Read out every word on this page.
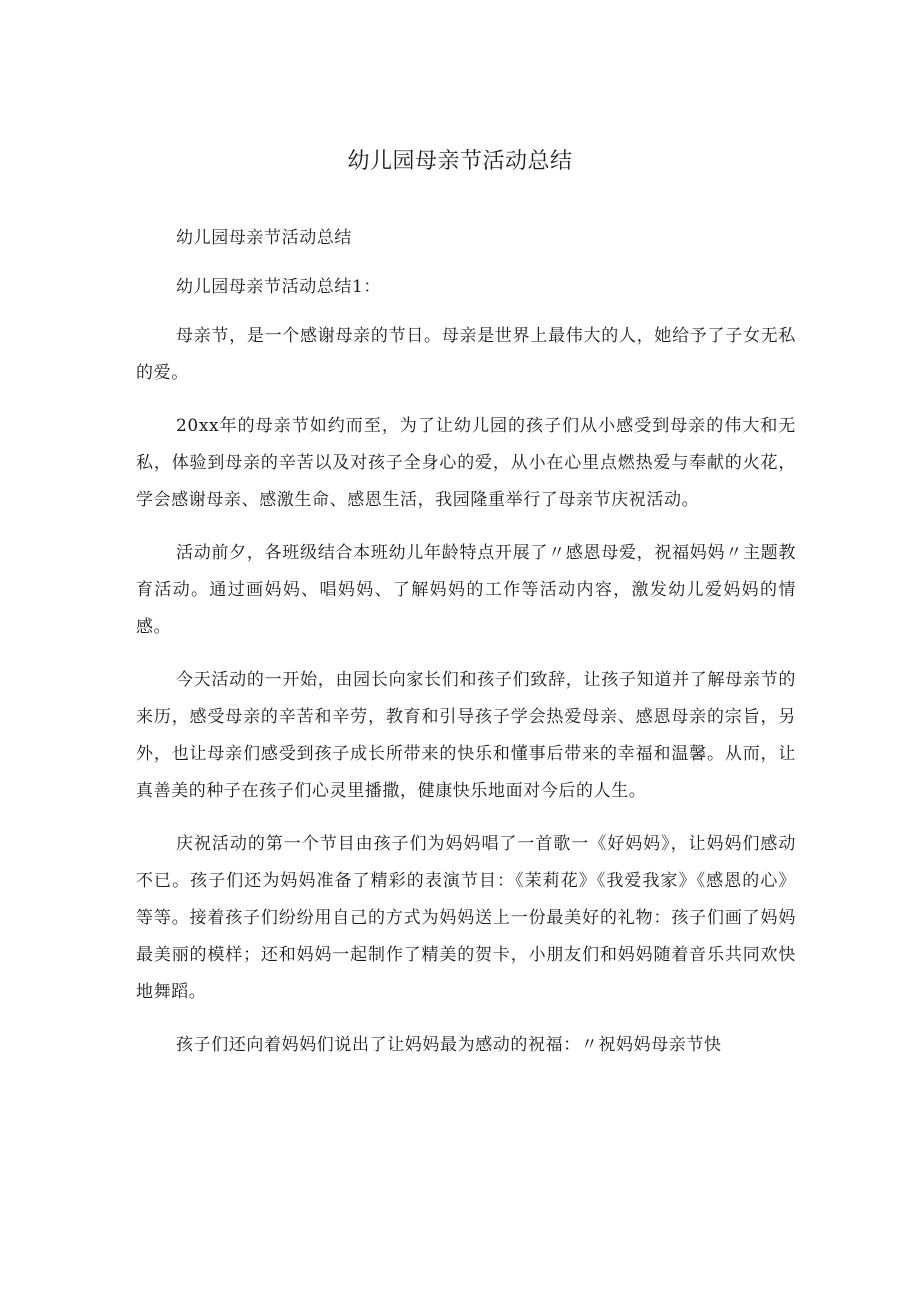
幼儿园母亲节活动总结

幼儿园母亲节活动总结

幼儿园母亲节活动总结1：

母亲节，是一个感谢母亲的节日。母亲是世界上最伟大的人，她给予了子女无私的爱。

20xx年的母亲节如约而至，为了让幼儿园的孩子们从小感受到母亲的伟大和无私，体验到母亲的辛苦以及对孩子全身心的爱，从小在心里点燃热爱与奉献的火花，学会感谢母亲、感激生命、感恩生活，我园隆重举行了母亲节庆祝活动。

活动前夕，各班级结合本班幼儿年龄特点开展了〃感恩母爱，祝福妈妈〃主题教育活动。通过画妈妈、唱妈妈、了解妈妈的工作等活动内容，激发幼儿爱妈妈的情感。

今天活动的一开始，由园长向家长们和孩子们致辞，让孩子知道并了解母亲节的来历，感受母亲的辛苦和辛劳，教育和引导孩子学会热爱母亲、感恩母亲的宗旨，另外，也让母亲们感受到孩子成长所带来的快乐和懂事后带来的幸福和温馨。从而，让真善美的种子在孩子们心灵里播撒，健康快乐地面对今后的人生。

庆祝活动的第一个节目由孩子们为妈妈唱了一首歌一《好妈妈》，让妈妈们感动不已。孩子们还为妈妈准备了精彩的表演节目：《茉莉花》《我爱我家》《感恩的心》等等。接着孩子们纷纷用自己的方式为妈妈送上一份最美好的礼物：孩子们画了妈妈最美丽的模样；还和妈妈一起制作了精美的贺卡，小朋友们和妈妈随着音乐共同欢快地舞蹈。

孩子们还向着妈妈们说出了让妈妈最为感动的祝福：〃祝妈妈母亲节快
